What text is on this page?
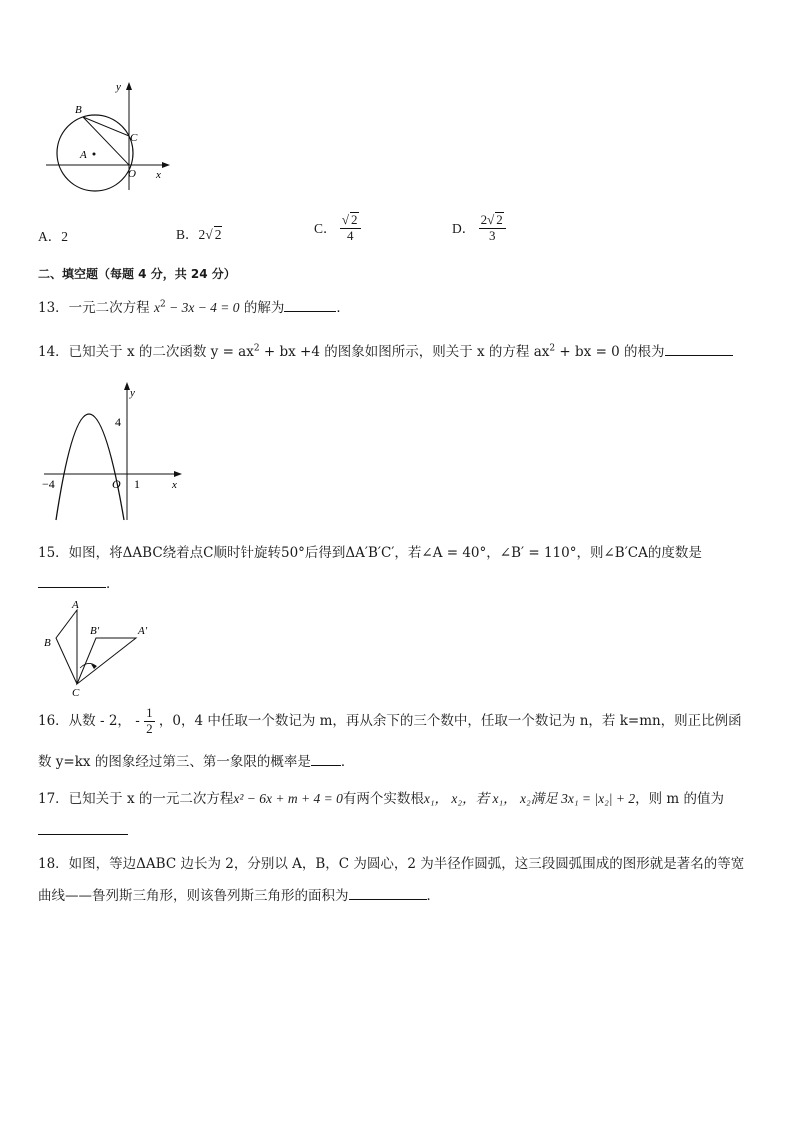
y
x
B
C
A
O
A．2	B．2√ 2	C． $\frac{√ 2}{4}$	D． $\frac{2√ 2}{3}$
二、填空题（每题 4 分，共 24 分）
13．一元二次方程 $x^2 - 3x - 4 = 0$ 的解为	．
14．已知关于 x 的二次函数 $y = ax^2$ + bx +4 的图象如图所示，则关于 x 的方程 $ax^2$ + bx = 0 的根为
y
x
4
−4	O 1
15．如图，将ΔABC绕着点C顺时针旋转50°后得到ΔA′B′C′，若∠A = 40°，∠B′ = 110°，则∠B′CA的度数是
．
A
B
B′	A′
C
16．从数 - 2， - $\frac{1}{2}$ ，0，4 中任取一个数记为 m，再从余下的三个数中，任取一个数记为 n，若 k=mn，则正比例函
数 y=kx 的图象经过第三、第一象限的概率是 ．
17．已知关于 x 的一元二次方程x² − 6x + m + 4 = 0有两个实数根x₁， x₂，若 x₁， x₂满足 3x₁ = |x₂| + 2，则 m 的值为
18．如图，等边ΔABC 边长为 2，分别以 A，B，C 为圆心，2 为半径作圆弧，这三段圆弧围成的图形就是著名的等宽
曲线——鲁列斯三角形，则该鲁列斯三角形的面积为	．
